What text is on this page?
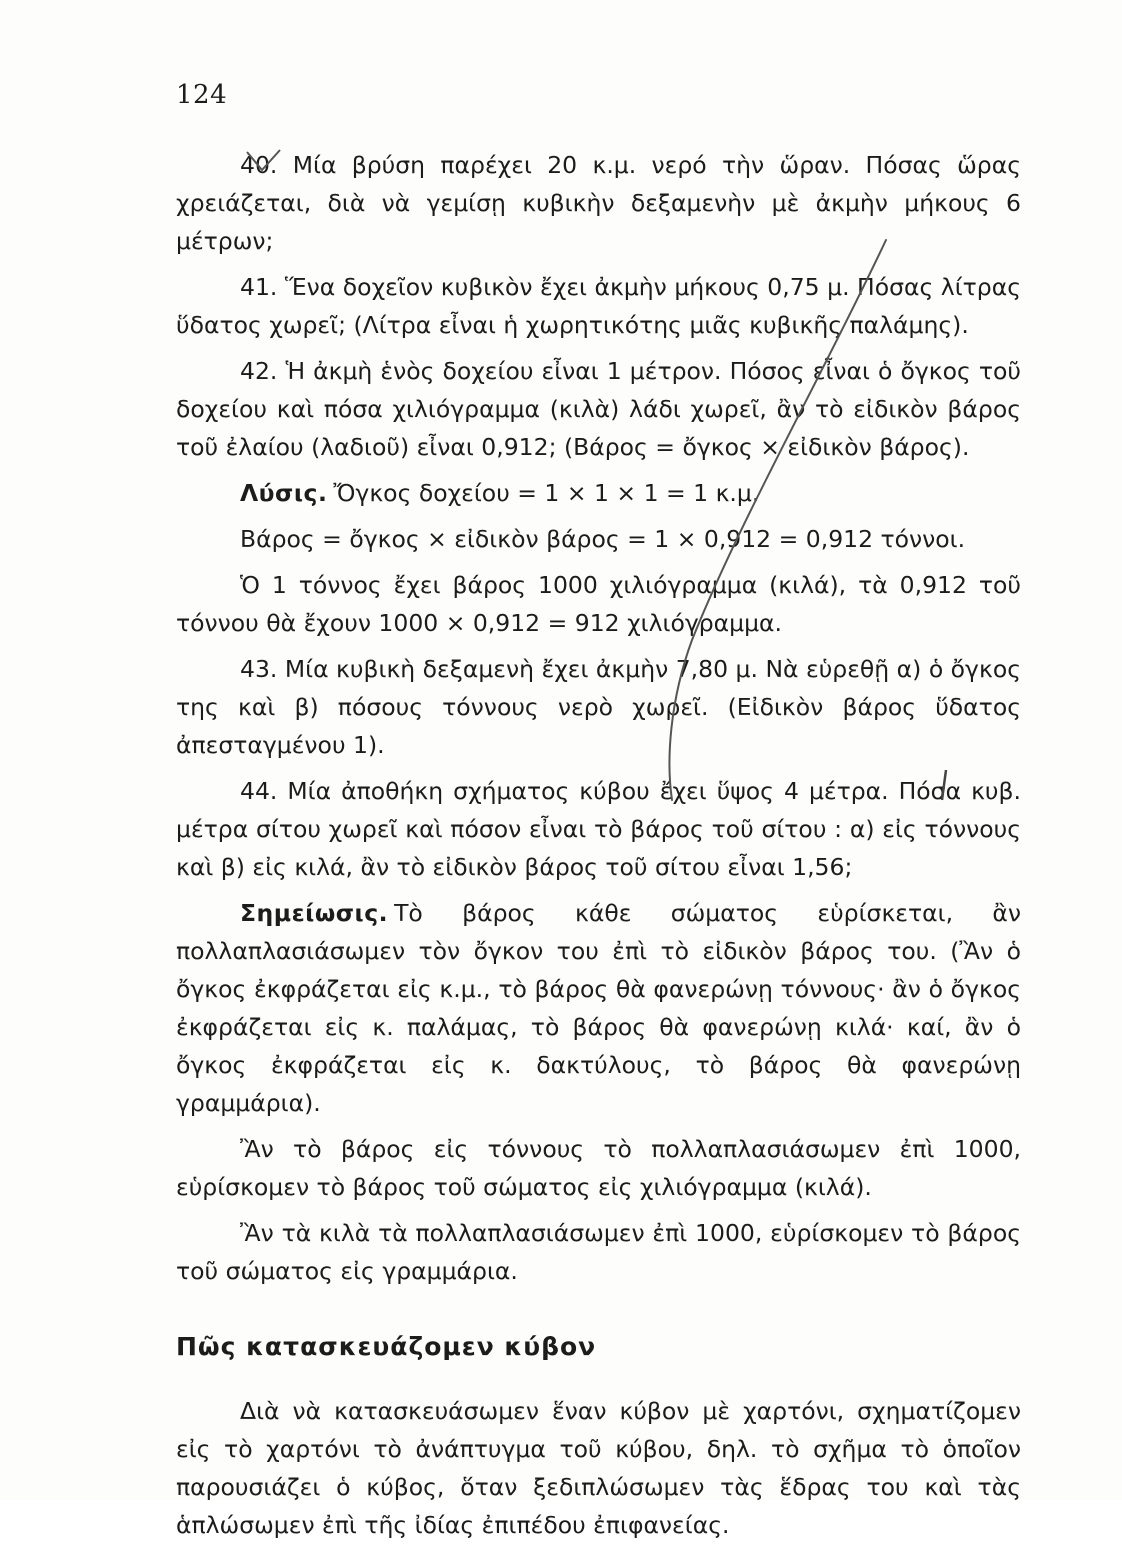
124

40. Μία βρύση παρέχει 20 κ.μ. νερό τὴν ὥραν. Πόσας ὥρας χρειάζεται, διὰ νὰ γεμίσῃ κυβικὴν δεξαμενὴν μὲ ἀκμὴν μήκους 6 μέτρων;

41. Ἕνα δοχεῖον κυβικὸν ἔχει ἀκμὴν μήκους 0,75 μ. Πόσας λίτρας ὕδατος χωρεῖ; (Λίτρα εἶναι ἡ χωρητικότης μιᾶς κυβικῆς παλάμης).

42. Ἡ ἀκμὴ ἑνὸς δοχείου εἶναι 1 μέτρον. Πόσος εἶναι ὁ ὄγκος τοῦ δοχείου καὶ πόσα χιλιόγραμμα (κιλὰ) λάδι χωρεῖ, ἂν τὸ εἰδικὸν βάρος τοῦ ἐλαίου (λαδιοῦ) εἶναι 0,912; (Βάρος = ὄγκος × εἰδικὸν βάρος).

Λύσις. Ὄγκος δοχείου = 1 × 1 × 1 = 1 κ.μ.

Βάρος = ὄγκος × εἰδικὸν βάρος = 1 × 0,912 = 0,912 τόννοι.

Ὁ 1 τόννος ἔχει βάρος 1000 χιλιόγραμμα (κιλά), τὰ 0,912 τοῦ τόννου θὰ ἔχουν 1000 × 0,912 = 912 χιλιόγραμμα.

43. Μία κυβικὴ δεξαμενὴ ἔχει ἀκμὴν 7,80 μ. Νὰ εὑρεθῇ α) ὁ ὄγκος της καὶ β) πόσους τόννους νερὸ χωρεῖ. (Εἰδικὸν βάρος ὕδατος ἀπεσταγμένου 1).

44. Μία ἀποθήκη σχήματος κύβου ἔχει ὕψος 4 μέτρα. Πόσα κυβ. μέτρα σίτου χωρεῖ καὶ πόσον εἶναι τὸ βάρος τοῦ σίτου : α) εἰς τόννους καὶ β) εἰς κιλά, ἂν τὸ εἰδικὸν βάρος τοῦ σίτου εἶναι 1,56;

Σημείωσις. Τὸ βάρος κάθε σώματος εὑρίσκεται, ἂν πολλαπλασιάσωμεν τὸν ὄγκον του ἐπὶ τὸ εἰδικὸν βάρος του. (Ἂν ὁ ὄγκος ἐκφράζεται εἰς κ.μ., τὸ βάρος θὰ φανερώνῃ τόννους· ἂν ὁ ὄγκος ἐκφράζεται εἰς κ. παλάμας, τὸ βάρος θὰ φανερώνῃ κιλά· καί, ἂν ὁ ὄγκος ἐκφράζεται εἰς κ. δακτύλους, τὸ βάρος θὰ φανερώνῃ γραμμάρια).

Ἂν τὸ βάρος εἰς τόννους τὸ πολλαπλασιάσωμεν ἐπὶ 1000, εὑρίσκομεν τὸ βάρος τοῦ σώματος εἰς χιλιόγραμμα (κιλά).

Ἂν τὰ κιλὰ τὰ πολλαπλασιάσωμεν ἐπὶ 1000, εὑρίσκομεν τὸ βάρος τοῦ σώματος εἰς γραμμάρια.

Πῶς κατασκευάζομεν κύβον

Διὰ νὰ κατασκευάσωμεν ἕναν κύβον μὲ χαρτόνι, σχηματίζομεν εἰς τὸ χαρτόνι τὸ ἀνάπτυγμα τοῦ κύβου, δηλ. τὸ σχῆμα τὸ ὁποῖον παρουσιάζει ὁ κύβος, ὅταν ξεδιπλώσωμεν τὰς ἕδρας του καὶ τὰς ἁπλώσωμεν ἐπὶ τῆς ἰδίας ἐπιπέδου ἐπιφανείας.
